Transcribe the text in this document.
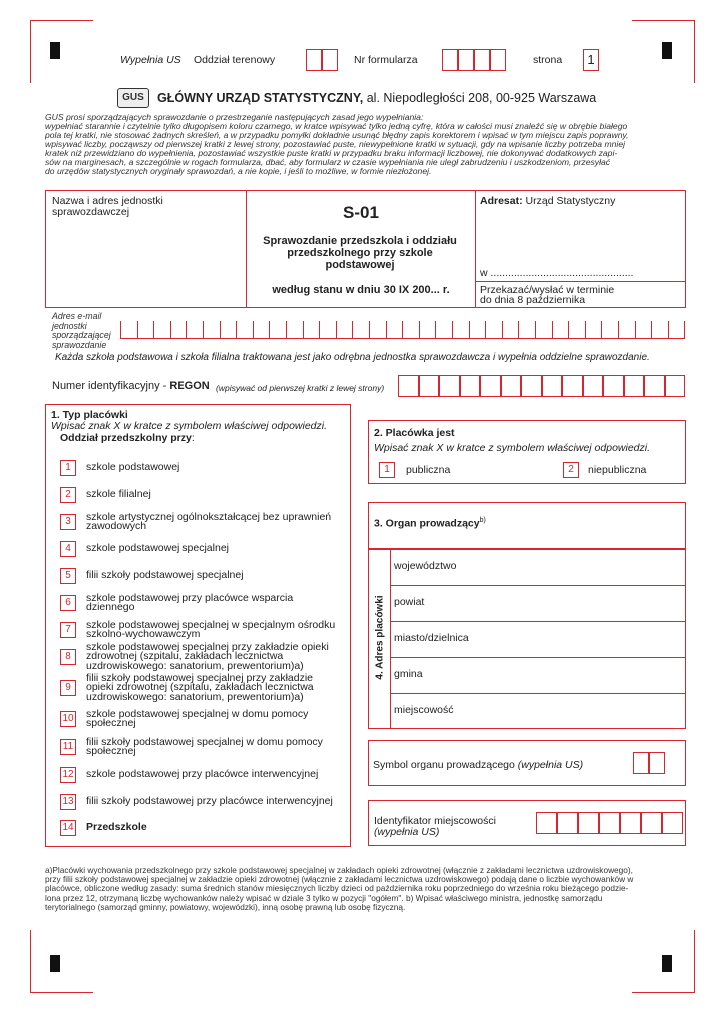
Wypełnia US Oddział terenowy	Nr formularza	strona	1
GUS	GŁÓWNY URZĄD STATYSTYCZNY, al. Niepodległości 208, 00-925 Warszawa
GUS prosi sporządzających sprawozdanie o przestrzeganie następujących zasad jego wypełniania:
wypełniać starannie i czytelnie tylko długopisem koloru czarnego, w kratce wpisywać tylko jedną cyfrę, która w całości musi znaleźć się w obrębie białego
pola tej kratki, nie stosować żadnych skreśleń, a w przypadku pomyłki dokładnie usunąć błędny zapis korektorem i wpisać w tym miejscu zapis poprawny,
wpisywać liczby, począwszy od pierwszej kratki z lewej strony, pozostawiać puste, niewypełnione kratki w sytuacji, gdy na wpisanie liczby potrzeba mniej
kratek niż przewidziano do wypełnienia, pozostawiać wszystkie puste kratki w przypadku braku informacji liczbowej, nie dokonywać dodatkowych zapi-
sów na marginesach, a szczególnie w rogach formularza, dbać, aby formularz w czasie wypełniania nie uległ zabrudzeniu i uszkodzeniom, przesyłać
do urzędów statystycznych oryginały sprawozdań, a nie kopie, i jeśli to możliwe, w formie niezłożonej.
Nazwa i adres jednostki sprawozdawczej	S-01
Sprawozdanie przedszkola i oddziału przedszkolnego przy szkole podstawowej
według stanu w dniu 30 IX 200... r.
Adresat: Urząd Statystyczny
w .................................................
Przekazać/wysłać w terminie
do dnia 8 października
Adres e-mail
jednostki
sporządzającej
sprawozdanie
Każda szkoła podstawowa i szkoła filialna traktowana jest jako odrębna jednostka sprawozdawcza i wypełnia oddzielne sprawozdanie.
Numer identyfikacyjny - REGON (wpisywać od pierwszej kratki z lewej strony)
1. Typ placówki
Wpisać znak X w kratce z symbolem właściwej odpowiedzi.
Oddział przedszkolny przy:
1	szkole podstawowej
2	szkole filialnej
3	szkole artystycznej ogólnokształcącej bez uprawnień
zawodowych
4	szkole podstawowej specjalnej
5	filii szkoły podstawowej specjalnej
6	szkole podstawowej przy placówce wsparcia
dziennego
7	szkole podstawowej specjalnej w specjalnym ośrodku
szkolno-wychowawczym
8
szkole podstawowej specjalnej przy zakładzie opieki
zdrowotnej (szpitalu, zakładach lecznictwa
uzdrowiskowego: sanatorium, prewentorium)a)
9
filii szkoły podstawowej specjalnej przy zakładzie
opieki zdrowotnej (szpitalu, zakładach lecznictwa
uzdrowiskowego: sanatorium, prewentorium)a)
10 szkole podstawowej specjalnej w domu pomocy
społecznej
11 filii szkoły podstawowej specjalnej w domu pomocy
społecznej
12 szkole podstawowej przy placówce interwencyjnej
13 filii szkoły podstawowej przy placówce interwencyjnej
14 Przedszkole
2. Placówka jest
Wpisać znak X w kratce z symbolem właściwej odpowiedzi.
1	publiczna	2	niepubliczna
3. Organ prowadzący$^{b)}$
4. Adres placówki
województwo
powiat
miasto/dzielnica
gmina
miejscowość
Symbol organu prowadzącego (wypełnia US)
Identyfikator miejscowości
(wypełnia US)
a)Placówki wychowania przedszkolnego przy szkole podstawowej specjalnej w zakładach opieki zdrowotnej (włącznie z zakładami lecznictwa uzdrowiskowego),
przy filii szkoły podstawowej specjalnej w zakładzie opieki zdrowotnej (włącznie z zakładami lecznictwa uzdrowiskowego) podają dane o liczbie wychowanków w
placówce, obliczone według zasady: suma średnich stanów miesięcznych liczby dzieci od października roku poprzedniego do września roku bieżącego podzie-
lona przez 12, otrzymaną liczbę wychowanków należy wpisać w dziale 3 tylko w pozycji "ogółem". b) Wpisać właściwego ministra, jednostkę samorządu
terytorialnego (samorząd gminny, powiatowy, wojewódzki), inną osobę prawną lub osobę fizyczną.
